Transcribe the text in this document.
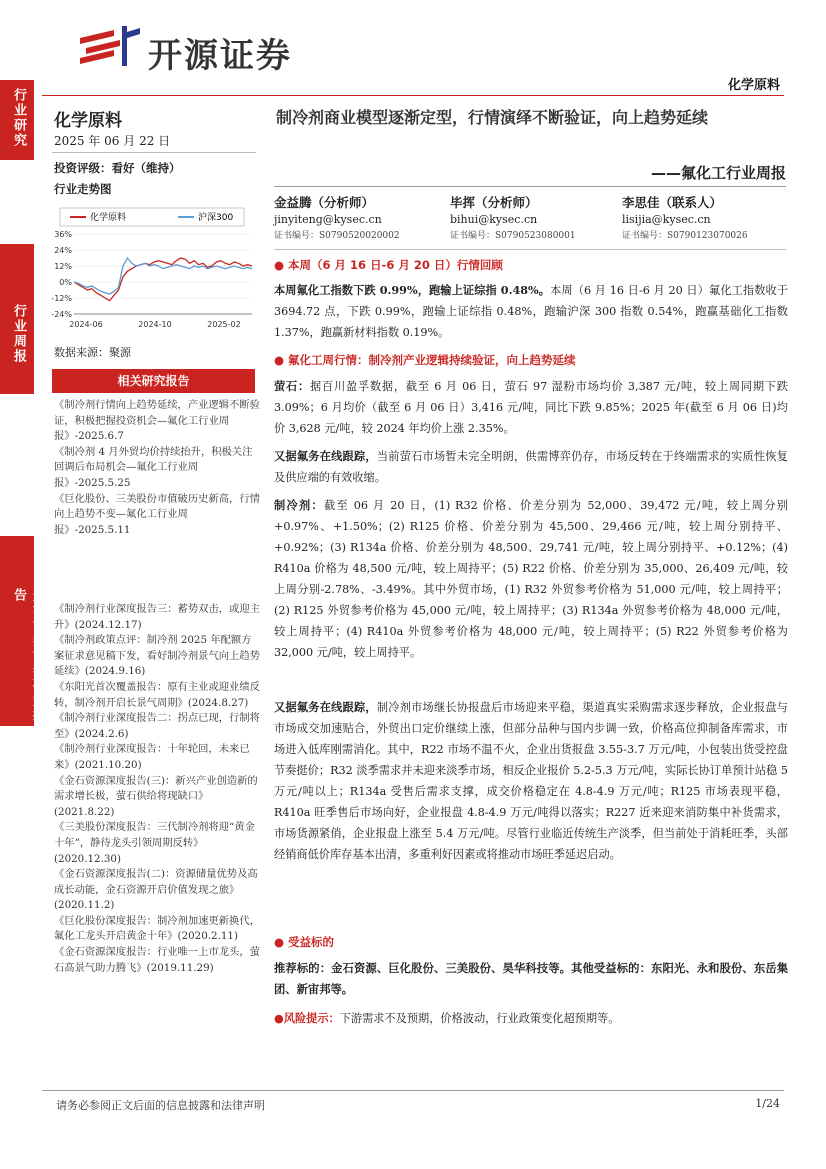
开源证券
化学原料
行业研究
行业周报
开源证券证券研究报告
化学原料
2025 年 06 月 22 日
投资评级：看好（维持）
行业走势图
化学原料	沪深300
36%
24%
12%
0%
-12%
-24%
2024-06	2024-10	2025-02
数据来源：聚源
相关研究报告
《制冷剂行情向上趋势延续，产业逻辑不断验证，积极把握投资机会—氟化工行业周报》-2025.6.7
《制冷剂 4 月外贸均价持续抬升，积极关注回调后布局机会—氟化工行业周报》-2025.5.25
《巨化股份、三美股份市值破历史新高，行情向上趋势不变—氟化工行业周报》-2025.5.11
《制冷剂行业深度报告三：蓄势双击，或迎主升》(2024.12.17)
《制冷剂政策点评：制冷剂 2025 年配额方案征求意见稿下发，看好制冷剂景气向上趋势延续》(2024.9.16)
《东阳光首次覆盖报告：原有主业或迎业绩反转，制冷剂开启长景气周期》(2024.8.27)
《制冷剂行业深度报告二：拐点已现，行制将至》(2024.2.6)
《制冷剂行业深度报告：十年轮回，未来已来》(2021.10.20)
《金石资源深度报告(三)：新兴产业创造新的需求增长极，萤石供给将现缺口》(2021.8.22)
《三美股份深度报告：三代制冷剂将迎“黄金十年”，静待龙头引领周期反转》(2020.12.30)
《金石资源深度报告(二)：资源储量优势及高成长动能，金石资源开启价值发现之旅》(2020.11.2)
《巨化股份深度报告：制冷剂加速更新换代，氟化工龙头开启黄金十年》(2020.2.11)
《金石资源深度报告：行业唯一上市龙头，萤石高景气助力腾飞》(2019.11.29)
制冷剂商业模型逐渐定型，行情演绎不断验证，向上趋势延续
——氟化工行业周报
金益腾（分析师）
jinyiteng@kysec.cn
证书编号：S0790520020002
毕挥（分析师）
bihui@kysec.cn
证书编号：S0790523080001
李思佳（联系人）
lisijia@kysec.cn
证书编号：S0790123070026
● 本周（6 月 16 日-6 月 20 日）行情回顾
本周氟化工指数下跌 0.99%，跑输上证综指 0.48%。本周（6 月 16 日-6 月 20 日）氟化工指数收于 3694.72 点，下跌 0.99%，跑输上证综指 0.48%，跑输沪深 300 指数 0.54%，跑赢基础化工指数 1.37%，跑赢新材料指数 0.19%。
● 氟化工周行情：制冷剂产业逻辑持续验证，向上趋势延续
萤石：据百川盈孚数据，截至 6 月 06 日，萤石 97 湿粉市场均价 3,387 元/吨，较上周同期下跌 3.09%；6 月均价（截至 6 月 06 日）3,416 元/吨，同比下跌 9.85%；2025 年(截至 6 月 06 日)均价 3,628 元/吨，较 2024 年均价上涨 2.35%。
又据氟务在线跟踪，当前萤石市场暂未完全明朗，供需博弈仍存，市场反转在于终端需求的实质性恢复及供应端的有效收缩。
制冷剂：截至 06 月 20 日，(1) R32 价格、价差分别为 52,000、39,472 元/吨，较上周分别+0.97%、+1.50%；(2) R125 价格、价差分别为 45,500、29,466 元/吨，较上周分别持平、+0.92%；(3) R134a 价格、价差分别为 48,500、29,741 元/吨，较上周分别持平、+0.12%；(4) R410a 价格为 48,500 元/吨，较上周持平；(5) R22 价格、价差分别为 35,000、26,409 元/吨，较上周分别-2.78%、-3.49%。其中外贸市场，(1) R32 外贸参考价格为 51,000 元/吨，较上周持平；(2) R125 外贸参考价格为 45,000 元/吨，较上周持平；(3) R134a 外贸参考价格为 48,000 元/吨，较上周持平；(4) R410a 外贸参考价格为 48,000 元/吨，较上周持平；(5) R22 外贸参考价格为 32,000 元/吨，较上周持平。
又据氟务在线跟踪，制冷剂市场继长协报盘后市场迎来平稳，渠道真实采购需求逐步释放，企业报盘与市场成交加速贴合，外贸出口定价继续上涨，但部分品种与国内步调一致，价格高位抑制备库需求，市场进入低库刚需消化。其中，R22 市场不温不火，企业出货报盘 3.55-3.7 万元/吨，小包装出货受控盘节奏挺价；R32 淡季需求并未迎来淡季市场，相反企业报价 5.2-5.3 万元/吨，实际长协订单预计站稳 5 万元/吨以上；R134a 受售后需求支撑，成交价格稳定在 4.8-4.9 万元/吨；R125 市场表现平稳，R410a 旺季售后市场向好，企业报盘 4.8-4.9 万元/吨得以落实；R227 近来迎来消防集中补货需求，市场货源紧俏，企业报盘上涨至 5.4 万元/吨。尽管行业临近传统生产淡季，但当前处于消耗旺季，头部经销商低价库存基本出清，多重利好因素或将推动市场旺季延迟启动。
● 受益标的
推荐标的：金石资源、巨化股份、三美股份、昊华科技等。其他受益标的：东阳光、永和股份、东岳集团、新宙邦等。
●风险提示：下游需求不及预期，价格波动，行业政策变化超预期等。
请务必参阅正文后面的信息披露和法律声明	1/24
